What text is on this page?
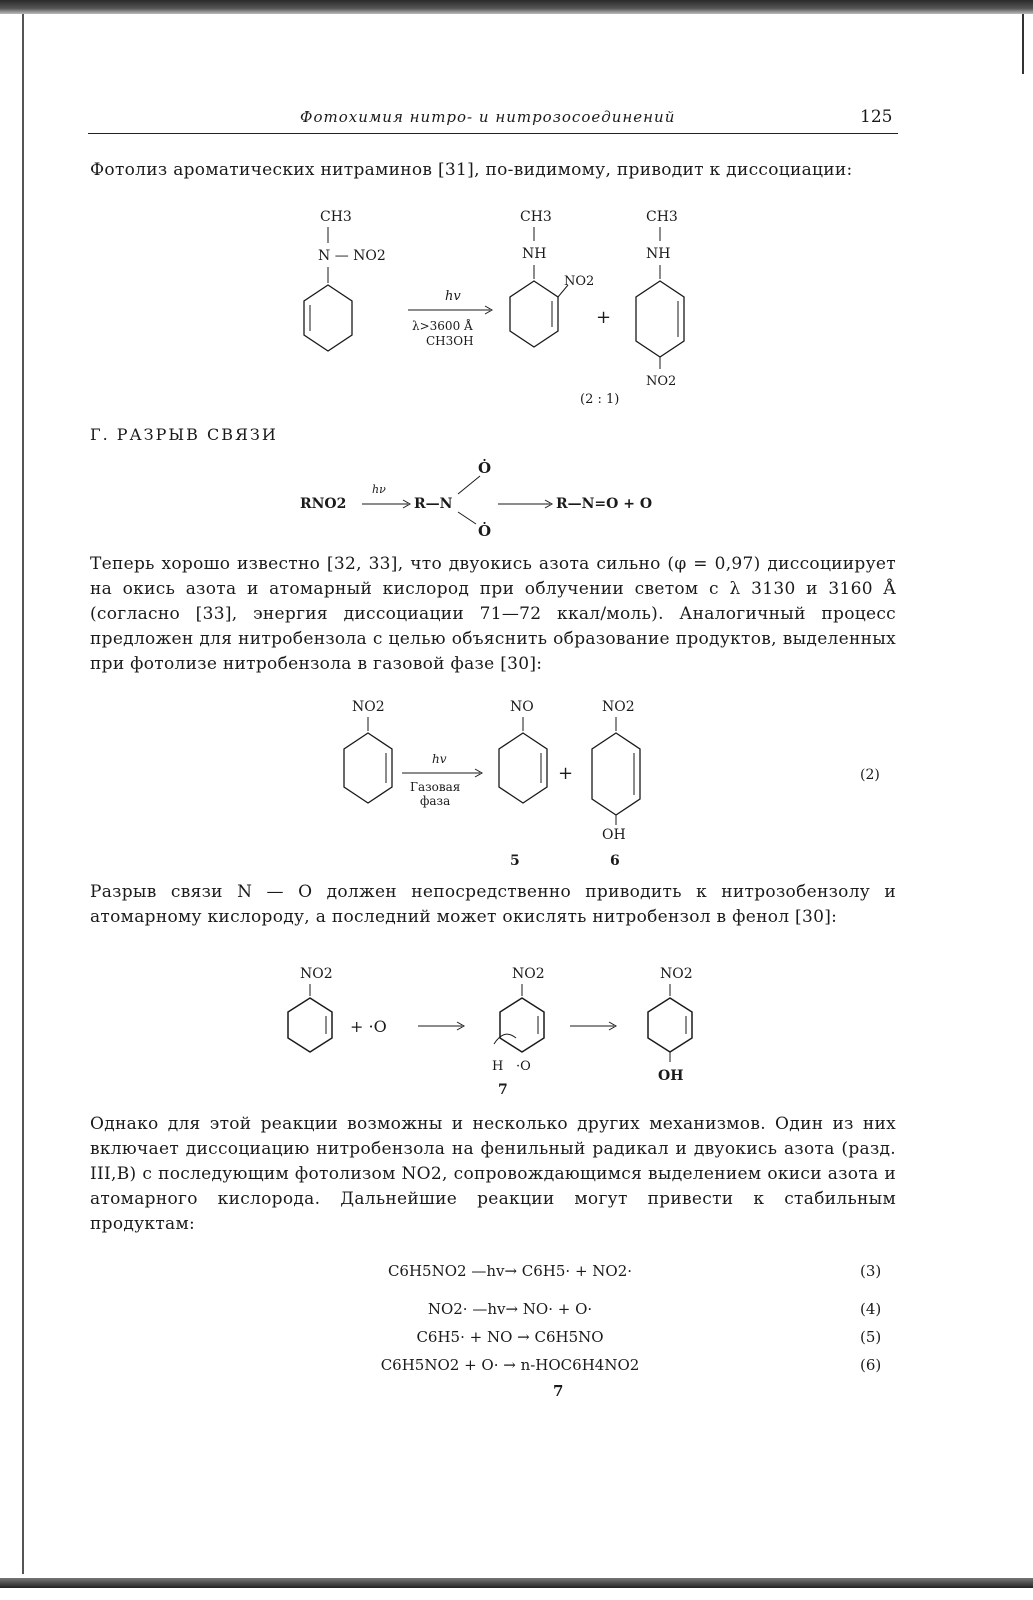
Фотохимия нитро- и нитрозосоединений	125
Фотолиз ароматических нитраминов [31], по-видимому, приводит к диссоциации:
CH3
N — NO2
hv
λ>3600 Å
CH3OH
CH3
NH
NO2
+
CH3
NH
NO2
(2 : 1)
Г. РАЗРЫВ СВЯЗИ
RNO2
hν
R—N
Ȯ
Ȯ
R—N=O + O
Теперь хорошо известно [32, 33], что двуокись азота сильно (φ = 0,97) диссоциирует на окись азота и атомарный кислород при облучении светом с λ 3130 и 3160 Å (согласно [33], энергия диссоциации 71—72 ккал/моль). Аналогичный процесс предложен для нитробензола с целью объяснить образование продуктов, выделенных при фотолизе нитробензола в газовой фазе [30]:
NO2
hv
Газовая
фаза
NO
+
NO2
OH
5	6
(2)
Разрыв связи N — O должен непосредственно приводить к нитрозобензолу и атомарному кислороду, а последний может окислять нитробензол в фенол [30]:
NO2
+ ·O
NO2
H ·O
7
NO2
OH
Однако для этой реакции возможны и несколько других механизмов. Один из них включает диссоциацию нитробензола на фенильный радикал и двуокись азота (разд. III,В) с последующим фотолизом NO2, сопровождающимся выделением окиси азота и атомарного кислорода. Дальнейшие реакции могут привести к стабильным продуктам:
C6H5NO2 —hv→ C6H5· + NO2·	(3)
NO2· —hv→ NO· + O·	(4)
C6H5· + NO → C6H5NO	(5)
C6H5NO2 + O· → n-HOC6H4NO2	(6)
7
